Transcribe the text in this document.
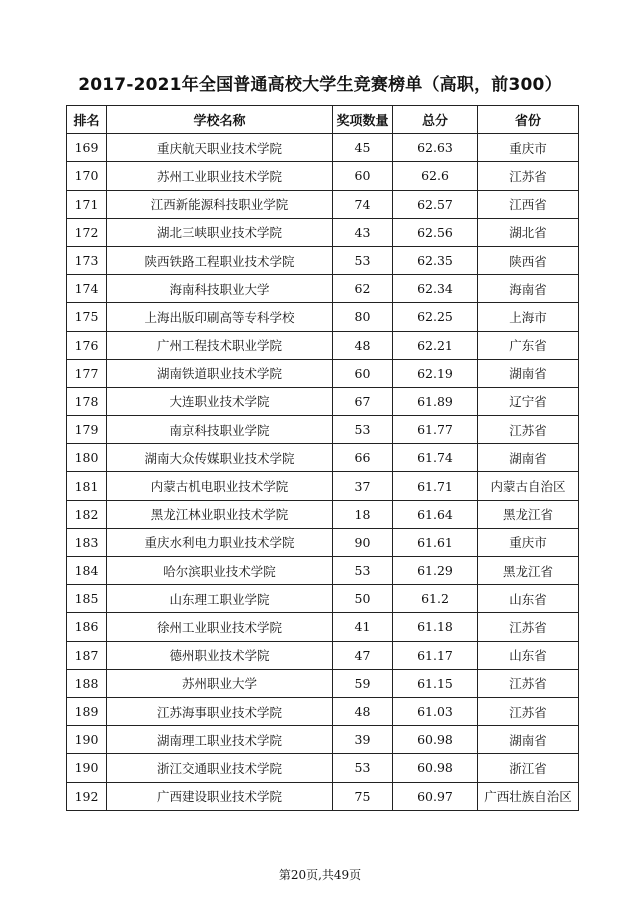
2017-2021年全国普通高校大学生竞赛榜单（高职，前300）
排名	学校名称	奖项数量	总分	省份
169	重庆航天职业技术学院	45	62.63	重庆市
170	苏州工业职业技术学院	60	62.6	江苏省
171	江西新能源科技职业学院	74	62.57	江西省
172	湖北三峡职业技术学院	43	62.56	湖北省
173	陕西铁路工程职业技术学院	53	62.35	陕西省
174	海南科技职业大学	62	62.34	海南省
175	上海出版印刷高等专科学校	80	62.25	上海市
176	广州工程技术职业学院	48	62.21	广东省
177	湖南铁道职业技术学院	60	62.19	湖南省
178	大连职业技术学院	67	61.89	辽宁省
179	南京科技职业学院	53	61.77	江苏省
180	湖南大众传媒职业技术学院	66	61.74	湖南省
181	内蒙古机电职业技术学院	37	61.71	内蒙古自治区
182	黑龙江林业职业技术学院	18	61.64	黑龙江省
183	重庆水利电力职业技术学院	90	61.61	重庆市
184	哈尔滨职业技术学院	53	61.29	黑龙江省
185	山东理工职业学院	50	61.2	山东省
186	徐州工业职业技术学院	41	61.18	江苏省
187	德州职业技术学院	47	61.17	山东省
188	苏州职业大学	59	61.15	江苏省
189	江苏海事职业技术学院	48	61.03	江苏省
190	湖南理工职业技术学院	39	60.98	湖南省
190	浙江交通职业技术学院	53	60.98	浙江省
192	广西建设职业技术学院	75	60.97	广西壮族自治区
第20页,共49页
